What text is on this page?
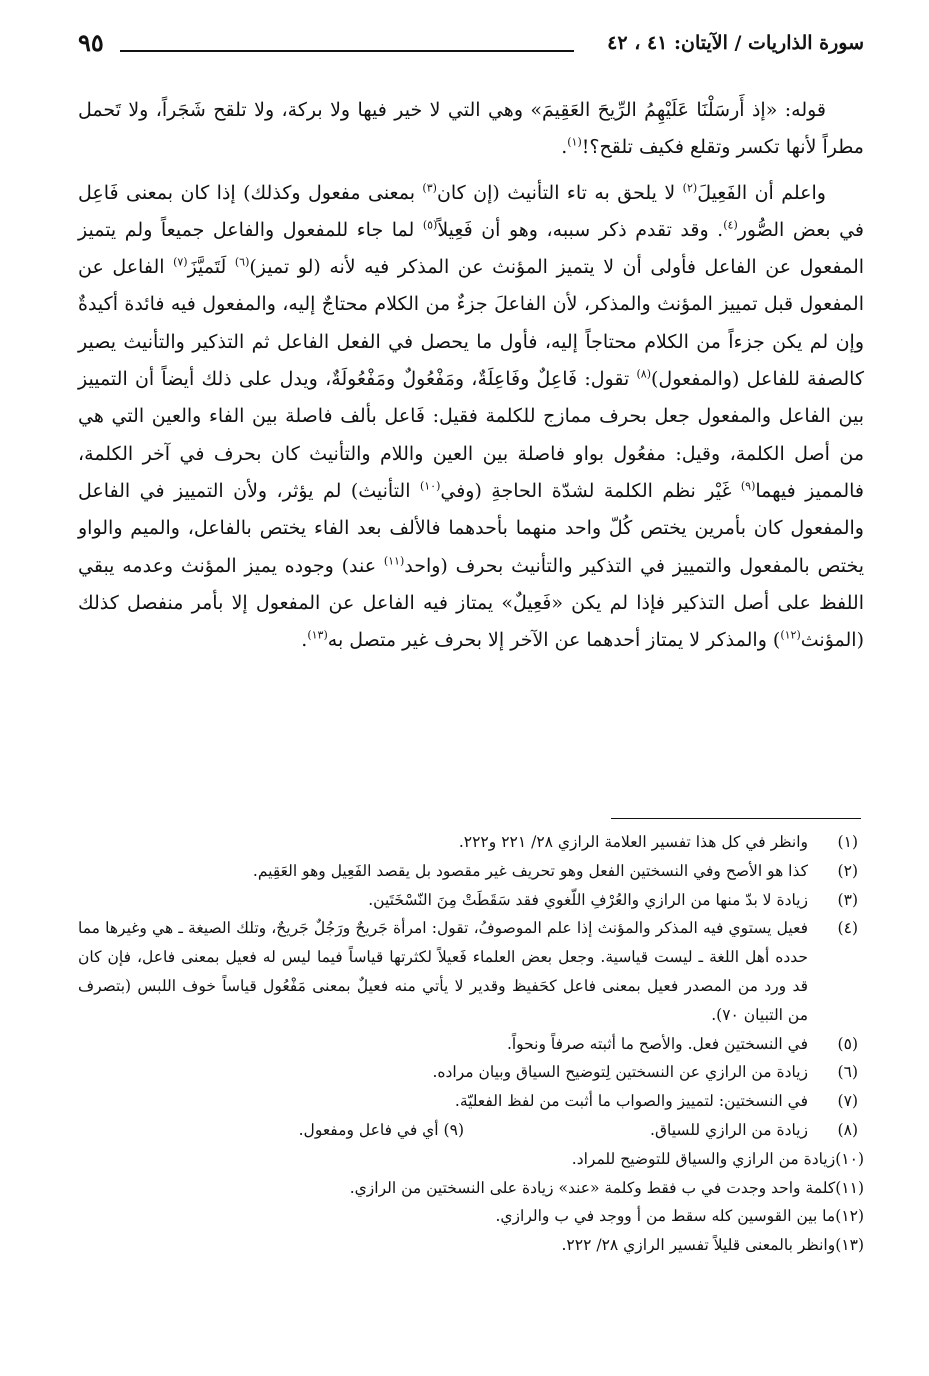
سورة الذاريات / الآيتان: ٤١ ، ٤٢
٩٥

قوله: «إذ أَرسَلْنَا عَلَيْهِمُ الرِّيحَ العَقِيمَ» وهي التي لا خير فيها ولا بركة، ولا تلقح شَجَراً، ولا تَحمل مطراً لأنها تكسر وتقلع فكيف تلقح؟!$^{(١)}$.

واعلم أن الفَعِيلَ$^{(٢)}$ لا يلحق به تاء التأنيث (إن كان$^{(٣)}$ بمعنى مفعول وكذلك) إذا كان بمعنى فَاعِل في بعض الصُّور$^{(٤)}$. وقد تقدم ذكر سببه، وهو أن فَعِيلاً$^{(٥)}$ لما جاء للمفعول والفاعل جميعاً ولم يتميز المفعول عن الفاعل فأولى أن لا يتميز المؤنث عن المذكر فيه لأنه (لو تميز)$^{(٦)}$ لَتَميَّزَ$^{(٧)}$ الفاعل عن المفعول قبل تمييز المؤنث والمذكر، لأن الفاعلَ جزءٌ من الكلام محتاجٌ إليه، والمفعول فيه فائدة أكيدةٌ وإن لم يكن جزءاً من الكلام محتاجاً إليه، فأول ما يحصل في الفعل الفاعل ثم التذكير والتأنيث يصير كالصفة للفاعل (والمفعول)$^{(٨)}$ تقول: فَاعِلٌ وفَاعِلَةٌ، ومَفْعُولٌ ومَفْعُولَةٌ، ويدل على ذلك أيضاً أن التمييز بين الفاعل والمفعول جعل بحرف ممازج للكلمة فقيل: فَاعل بألف فاصلة بين الفاء والعين التي هي من أصل الكلمة، وقيل: مفعُول بواو فاصلة بين العين واللام والتأنيث كان بحرف في آخر الكلمة، فالمميز فيهما$^{(٩)}$ غَيْر نظم الكلمة لشدّة الحاجةِ (وفي$^{(١٠)}$ التأنيث) لم يؤثر، ولأن التمييز في الفاعل والمفعول كان بأمرين يختص كُلّ واحد منهما بأحدهما فالألف بعد الفاء يختص بالفاعل، والميم والواو يختص بالمفعول والتمييز في التذكير والتأنيث بحرف (واحد$^{(١١)}$ عند) وجوده يميز المؤنث وعدمه يبقي اللفظ على أصل التذكير فإذا لم يكن «فَعِيلٌ» يمتاز فيه الفاعل عن المفعول إلا بأمر منفصل كذلك (المؤنث$^{(١٢)}$) والمذكر لا يمتاز أحدهما عن الآخر إلا بحرف غير متصل به$^{(١٣)}$.

(١)
وانظر في كل هذا تفسير العلامة الرازي ٢٨/ ٢٢١ و٢٢٢.
(٢)
كذا هو الأصح وفي النسختين الفعل وهو تحريف غير مقصود بل يقصد الفَعِيل وهو العَقِيم.
(٣)
زيادة لا بدّ منها من الرازي والعُرْفِ اللّغوي فقد سَقَطَتْ مِنَ النّسْخَتَين.
(٤)
فعيل يستوي فيه المذكر والمؤنث إذا علم الموصوفُ، تقول: امرأة جَريحٌ ورَجُلٌ جَريحٌ، وتلك الصيغة ـ هي وغيرها مما حدده أهل اللغة ـ ليست قياسية. وجعل بعض العلماء فَعيلاً لكثرتها قياساً فيما ليس له فعيل بمعنى فاعل، فإن كان قد ورد من المصدر فعيل بمعنى فاعل كحَفيظ وقدير لا يأتي منه فعيلٌ بمعنى مَفْعُول قياساً خوف اللبس (بتصرف من التبيان ٧٠).
(٥)
في النسختين فعل. والأصح ما أثبته صرفاً ونحواً.
(٦)
زيادة من الرازي عن النسختين لِتوضيح السياق وبيان مراده.
(٧)
في النسختين: لتمييز والصواب ما أثبت من لفظ الفعليّة.
(٨)
زيادة من الرازي للسياق.
(٩) أي في فاعل ومفعول.
(١٠)زيادة من الرازي والسياق للتوضيح للمراد.
(١١)كلمة واحد وجدت في ب فقط وكلمة «عند» زيادة على النسختين من الرازي.
(١٢)ما بين القوسين كله سقط من أ ووجد في ب والرازي.
(١٣)وانظر بالمعنى قليلاً تفسير الرازي ٢٨/ ٢٢٢.
